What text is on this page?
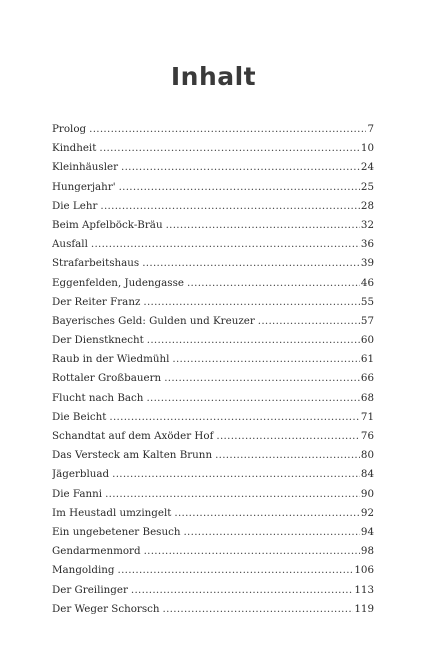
Inhalt
Prolog .....	7
Kindheit .....	10
Kleinhäusler .....	24
Hungerjahr' .....	25
Die Lehr .....	28
Beim Apfelböck-Bräu .....	32
Ausfall .....	36
Strafarbeitshaus .....	39
Eggenfelden, Judengasse .....	46
Der Reiter Franz .....	55
Bayerisches Geld: Gulden und Kreuzer .....	57
Der Dienstknecht .....	60
Raub in der Wiedmühl .....	61
Rottaler Großbauern .....	66
Flucht nach Bach .....	68
Die Beicht .....	71
Schandtat auf dem Axöder Hof .....	76
Das Versteck am Kalten Brunn .....	80
Jägerbluad .....	84
Die Fanni .....	90
Im Heustadl umzingelt .....	92
Ein ungebetener Besuch .....	94
Gendarmenmord .....	98
Mangolding .....	106
Der Greilinger .....	113
Der Weger Schorsch .....	119
